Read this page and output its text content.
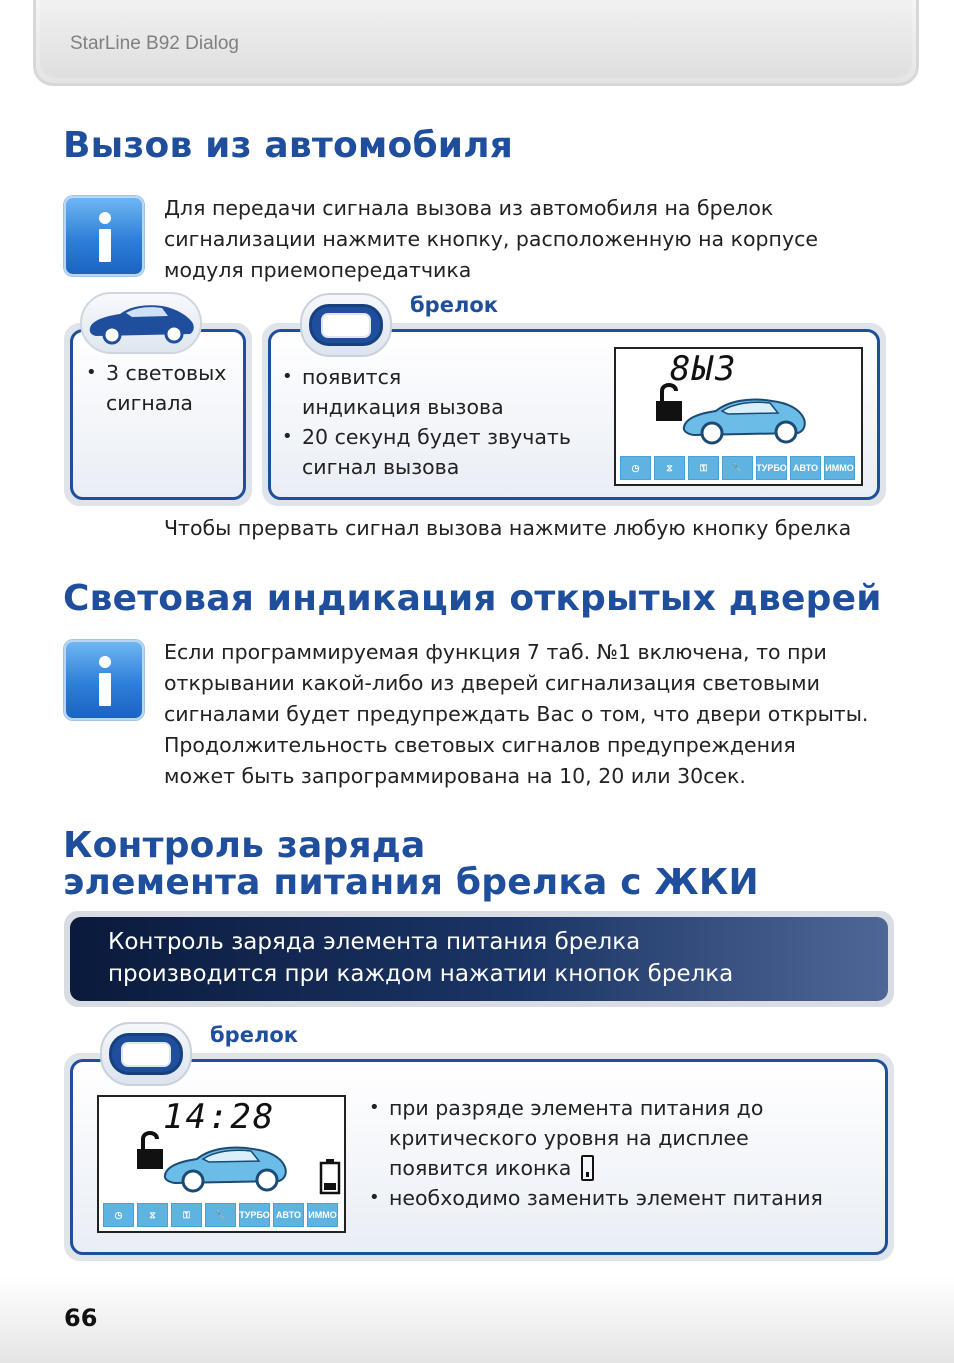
StarLine B92 Dialog
Вызов из автомобиля
Для передачи сигнала вызова из автомобиля на брелок
сигнализации нажмите кнопку, расположенную на корпусе
модуля приемопередатчика
• 3 световых
сигнала
брелок
• появится
индикация вызова
• 20 секунд будет звучать
сигнал вызова
8Ы3
◷	⧖	⚿	🔧	ТУРБО АВТО ИММО
Чтобы прервать сигнал вызова нажмите любую кнопку брелка
Световая индикация открытых дверей
Если программируемая функция 7 таб. №1 включена, то при
открывании какой-либо из дверей сигнализация световыми
сигналами будет предупреждать Вас о том, что двери открыты.
Продолжительность световых сигналов предупреждения
может быть запрограммирована на 10, 20 или 30сек.
Контроль заряда
элемента питания брелка с ЖКИ
Контроль заряда элемента питания брелка
производится при каждом нажатии кнопок брелка
брелок
14:28
◷	⧖	⚿	🔧	ТУРБО АВТО ИММО
• при разряде элемента питания до
критического уровня на дисплее
появится иконка
• необходимо заменить элемент питания
66
